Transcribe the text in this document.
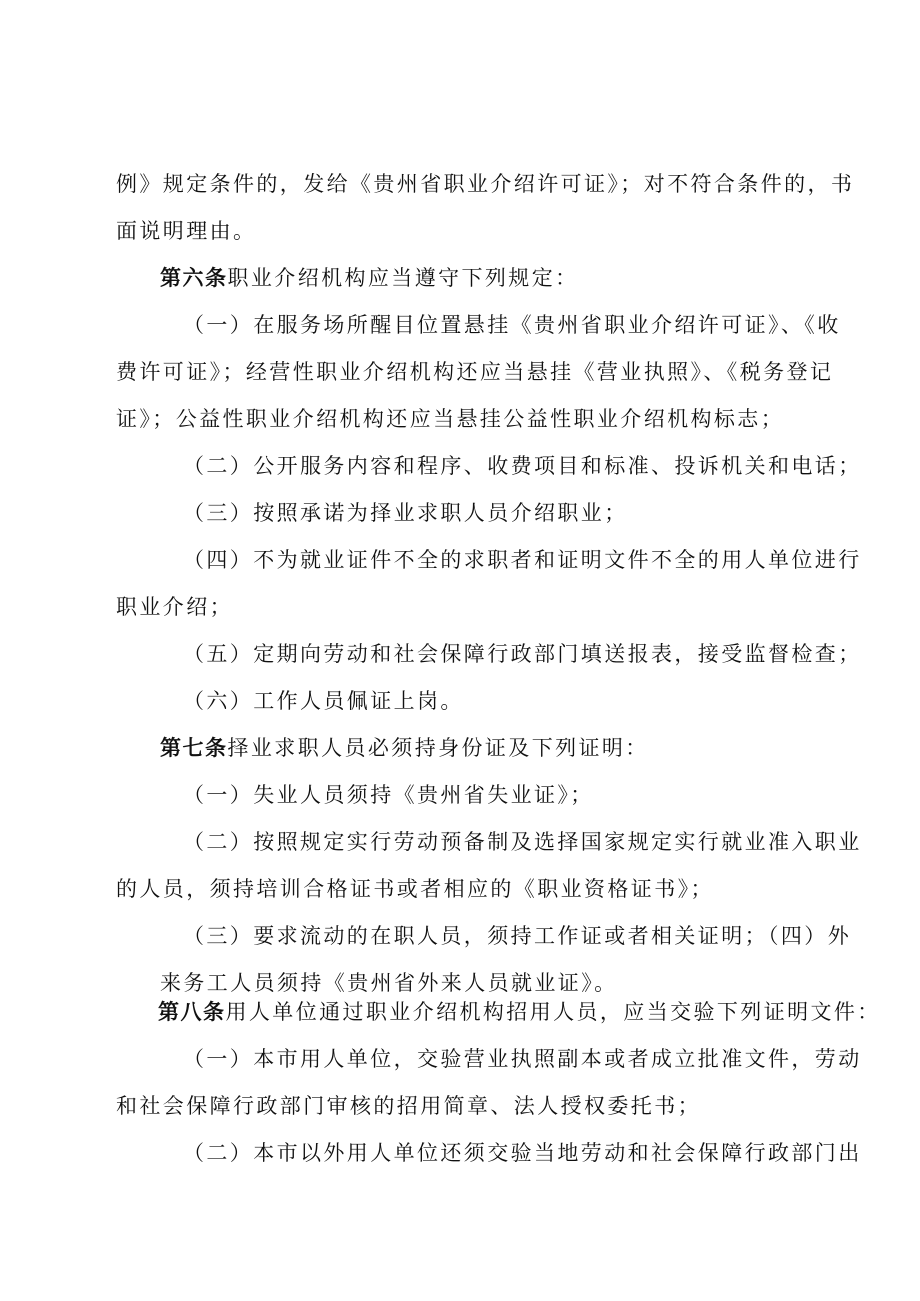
例》规定条件的，发给《贵州省职业介绍许可证》；对不符合条件的，书
面说明理由。
第六条职业介绍机构应当遵守下列规定：
（一）在服务场所醒目位置悬挂《贵州省职业介绍许可证》、《收
费许可证》；经营性职业介绍机构还应当悬挂《营业执照》、《税务登记
证》；公益性职业介绍机构还应当悬挂公益性职业介绍机构标志；
（二）公开服务内容和程序、收费项目和标准、投诉机关和电话；
（三）按照承诺为择业求职人员介绍职业；
（四）不为就业证件不全的求职者和证明文件不全的用人单位进行
职业介绍；
（五）定期向劳动和社会保障行政部门填送报表，接受监督检查；
（六）工作人员佩证上岗。
第七条择业求职人员必须持身份证及下列证明：
（一）失业人员须持《贵州省失业证》；
（二）按照规定实行劳动预备制及选择国家规定实行就业准入职业
的人员，须持培训合格证书或者相应的《职业资格证书》；
（三）要求流动的在职人员，须持工作证或者相关证明；（四）外
来务工人员须持《贵州省外来人员就业证》。
第八条用人单位通过职业介绍机构招用人员，应当交验下列证明文件：
（一）本市用人单位，交验营业执照副本或者成立批准文件，劳动
和社会保障行政部门审核的招用简章、法人授权委托书；
（二）本市以外用人单位还须交验当地劳动和社会保障行政部门出
